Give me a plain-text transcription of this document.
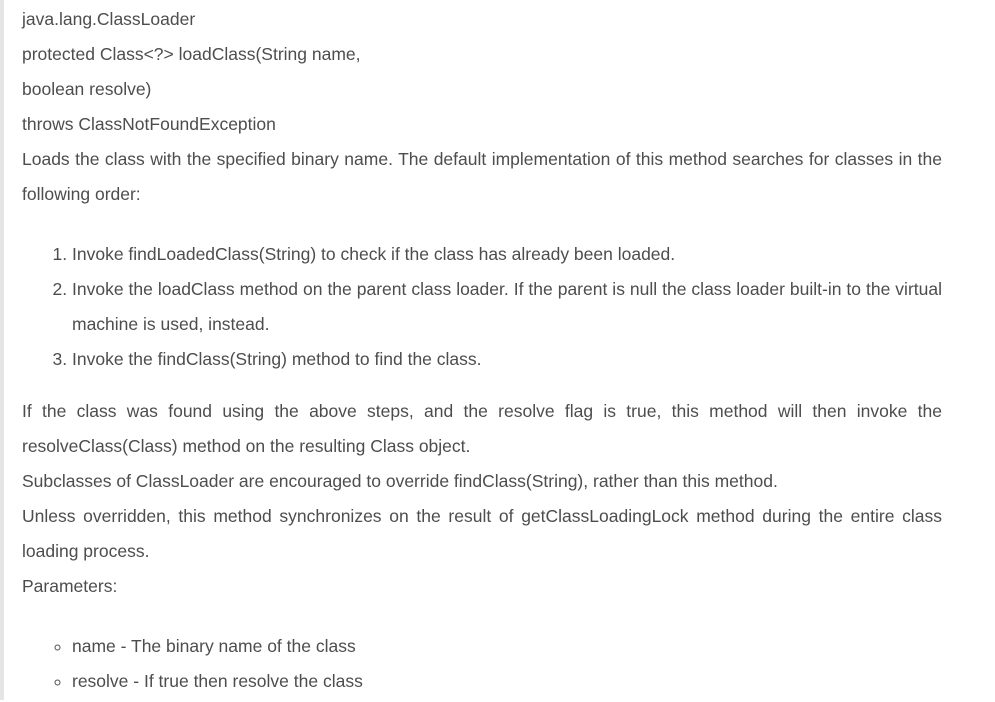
java.lang.ClassLoader

protected Class<?> loadClass(String name,

boolean resolve)

throws ClassNotFoundException

Loads the class with the specified binary name. The default implementation of this method searches for classes in the following order:

1. Invoke findLoadedClass(String) to check if the class has already been loaded.
2. Invoke the loadClass method on the parent class loader. If the parent is null the class loader built-in to the virtual machine is used, instead.
3. Invoke the findClass(String) method to find the class.

If the class was found using the above steps, and the resolve flag is true, this method will then invoke the resolveClass(Class) method on the resulting Class object.

Subclasses of ClassLoader are encouraged to override findClass(String), rather than this method.

Unless overridden, this method synchronizes on the result of getClassLoadingLock method during the entire class loading process.

Parameters:

◦ name - The binary name of the class
◦ resolve - If true then resolve the class
